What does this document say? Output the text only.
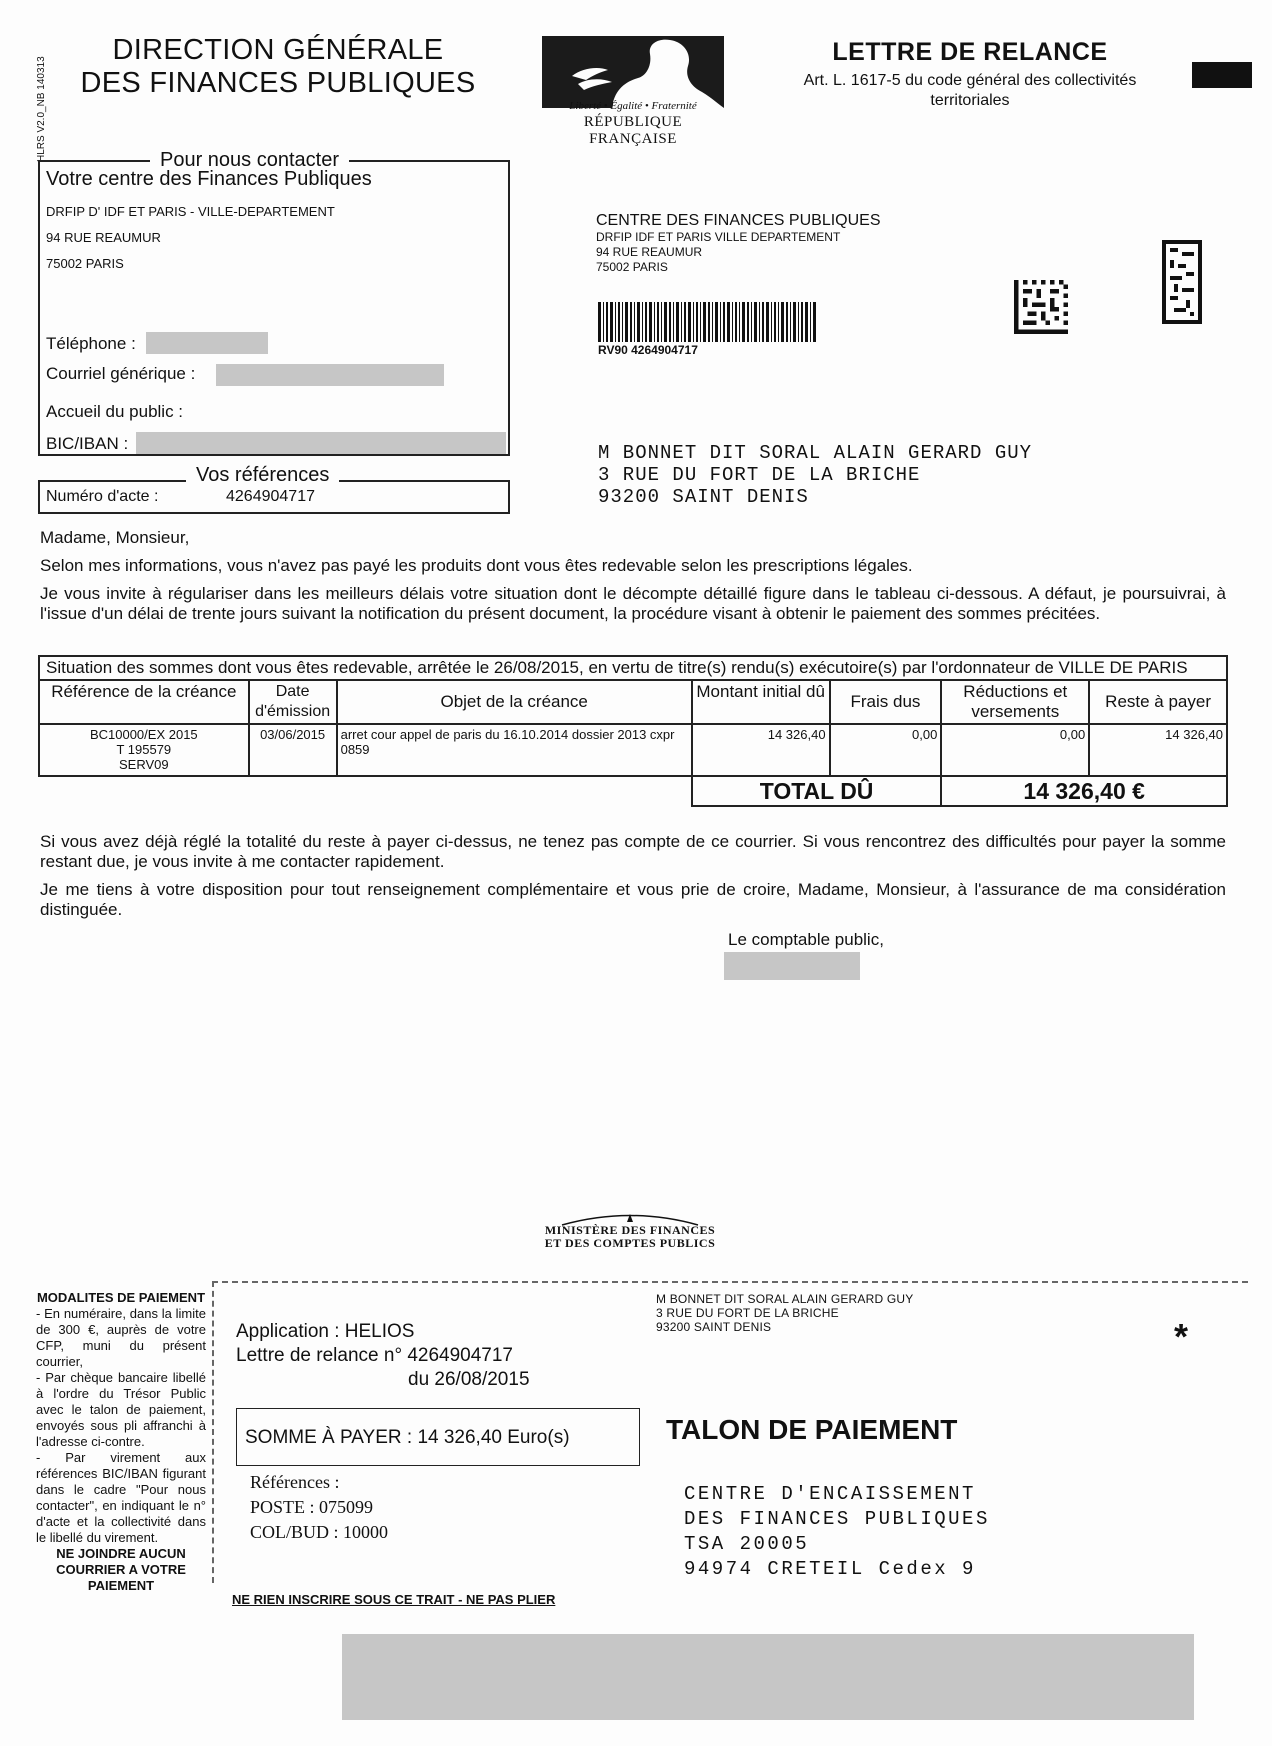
HLRS V2.0_NB 140313
DIRECTION GÉNÉRALE
DES FINANCES PUBLIQUES
Liberté • Égalité • Fraternité
RÉPUBLIQUE FRANÇAISE
LETTRE DE RELANCE
Art. L. 1617-5 du code général des collectivités
territoriales
Pour nous contacter
Votre centre des Finances Publiques
DRFIP D' IDF ET PARIS - VILLE-DEPARTEMENT
94 RUE REAUMUR
75002 PARIS
Téléphone :
Courriel générique :
Accueil du public :
BIC/IBAN :
Vos références
Numéro d'acte :	4264904717
CENTRE DES FINANCES PUBLIQUES
DRFIP IDF ET PARIS VILLE DEPARTEMENT
94 RUE REAUMUR
75002 PARIS
RV90 4264904717
M BONNET DIT SORAL ALAIN GERARD GUY
3 RUE DU FORT DE LA BRICHE
93200 SAINT DENIS

Madame, Monsieur,

Selon mes informations, vous n'avez pas payé les produits dont vous êtes redevable selon les prescriptions légales.

Je vous invite à régulariser dans les meilleurs délais votre situation dont le décompte détaillé figure dans le tableau ci-dessous. A défaut, je poursuivrai, à l'issue d'un délai de trente jours suivant la notification du présent document, la procédure visant à obtenir le paiement des sommes précitées.

Si vous avez déjà réglé la totalité du reste à payer ci-dessus, ne tenez pas compte de ce courrier. Si vous rencontrez des difficultés pour payer la somme restant due, je vous invite à me contacter rapidement.

Je me tiens à votre disposition pour tout renseignement complémentaire et vous prie de croire, Madame, Monsieur, à l'assurance de ma considération distinguée.

Situation des sommes dont vous êtes redevable, arrêtée le 26/08/2015, en vertu de titre(s) rendu(s) exécutoire(s) par l'ordonnateur de VILLE DE PARIS						
Référence de la créance	Date d'émission	Objet de la créance	Montant initial dû	Frais dus	Réductions et versements	Reste à payer

BC10000/EX 2015
T 195579
SERV09	03/06/2015	arret cour appel de paris du 16.10.2014 dossier 2013 cxpr 0859	14 326,40	0,00	0,00	14 326,40
			TOTAL DÛ		14 326,40 €	
Le comptable public,
MINISTÈRE DES FINANCES
ET DES COMPTES PUBLICS
MODALITES DE PAIEMENT
- En numéraire, dans la limite de 300 €, auprès de votre CFP, muni du présent courrier,
- Par chèque bancaire libellé à l'ordre du Trésor Public avec le talon de paiement, envoyés sous pli affranchi à l'adresse ci-contre.
- Par virement aux références BIC/IBAN figurant dans le cadre "Pour nous contacter", en indiquant le n° d'acte et la collectivité dans le libellé du virement.
NE JOINDRE AUCUN COURRIER A VOTRE PAIEMENT
Application : HELIOS
Lettre de relance n° 4264904717
du 26/08/2015
M BONNET DIT SORAL ALAIN GERARD GUY
3 RUE DU FORT DE LA BRICHE
93200 SAINT DENIS	*
SOMME À PAYER : 14 326,40 Euro(s)	TALON DE PAIEMENT
Références :
POSTE : 075099
COL/BUD : 10000
CENTRE D'ENCAISSEMENT
DES FINANCES PUBLIQUES
TSA 20005
94974 CRETEIL Cedex 9
NE RIEN INSCRIRE SOUS CE TRAIT - NE PAS PLIER
